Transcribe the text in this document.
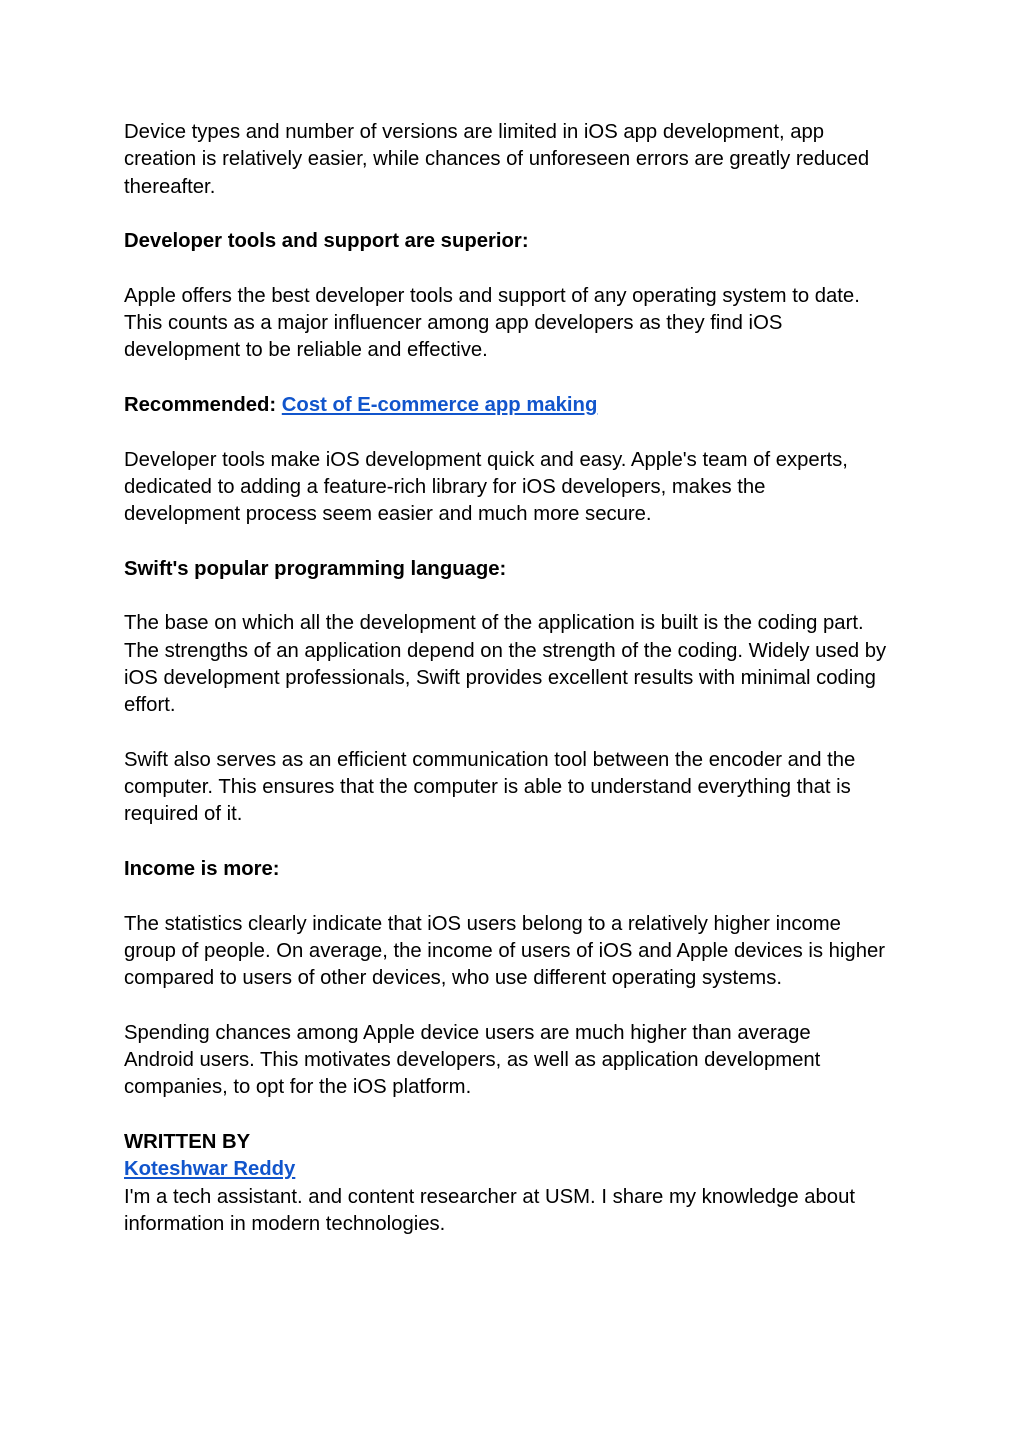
Device types and number of versions are limited in iOS app development, app
creation is relatively easier, while chances of unforeseen errors are greatly reduced
thereafter.

Developer tools and support are superior:

Apple offers the best developer tools and support of any operating system to date.
This counts as a major influencer among app developers as they find iOS
development to be reliable and effective.

Recommended: Cost of E-commerce app making

Developer tools make iOS development quick and easy. Apple's team of experts,
dedicated to adding a feature-rich library for iOS developers, makes the
development process seem easier and much more secure.

Swift's popular programming language:

The base on which all the development of the application is built is the coding part.
The strengths of an application depend on the strength of the coding. Widely used by
iOS development professionals, Swift provides excellent results with minimal coding
effort.

Swift also serves as an efficient communication tool between the encoder and the
computer. This ensures that the computer is able to understand everything that is
required of it.

Income is more:

The statistics clearly indicate that iOS users belong to a relatively higher income
group of people. On average, the income of users of iOS and Apple devices is higher
compared to users of other devices, who use different operating systems.

Spending chances among Apple device users are much higher than average
Android users. This motivates developers, as well as application development
companies, to opt for the iOS platform.

WRITTEN BY

Koteshwar Reddy

I'm a tech assistant. and content researcher at USM. I share my knowledge about
information in modern technologies.
